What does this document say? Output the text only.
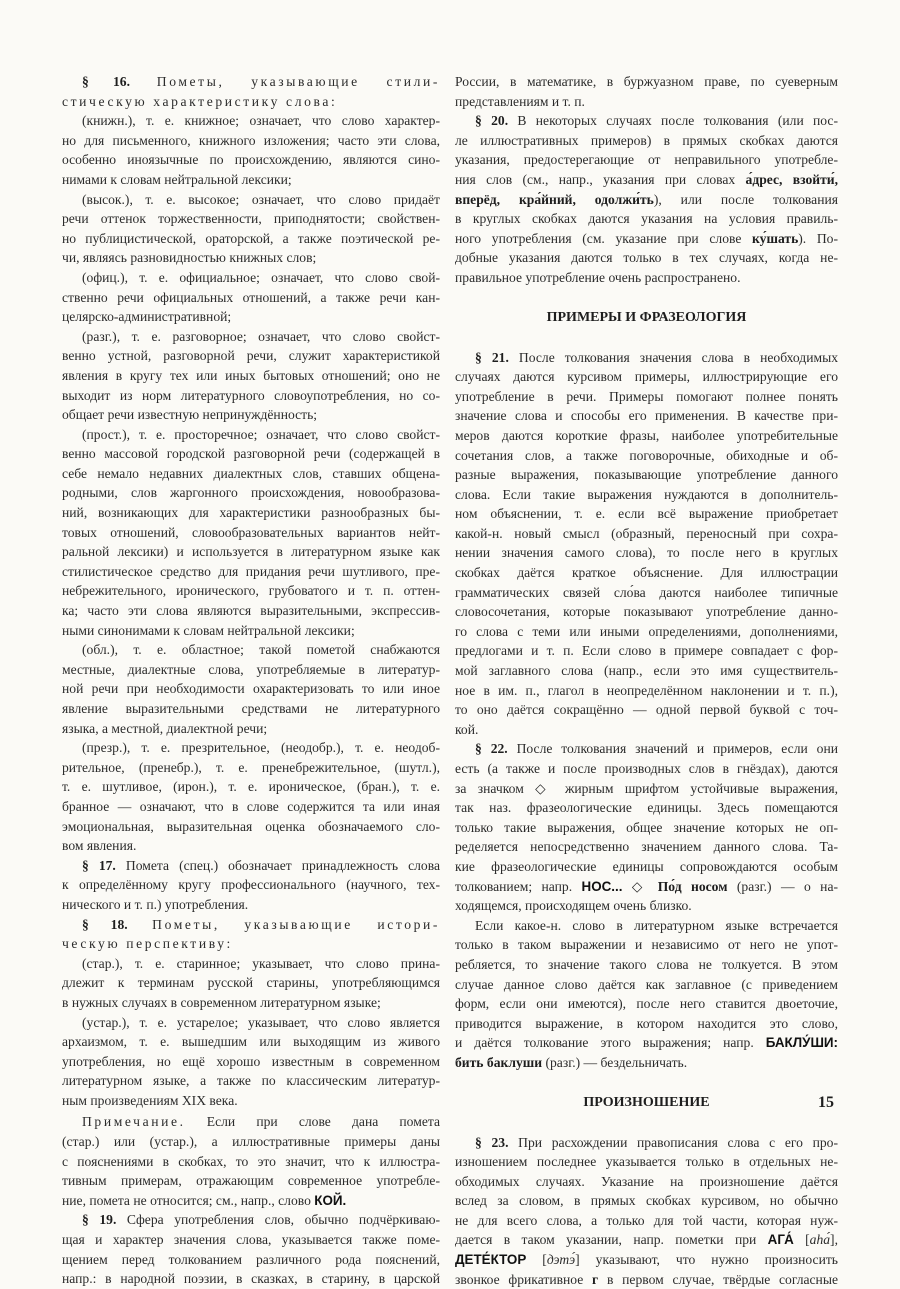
§ 16. Пометы, указывающие стили-
стическую характеристику слова:
(книжн.), т. е. книжное; означает, что слово характер-
но для письменного, книжного изложения; часто эти слова,
особенно иноязычные по происхождению, являются сино-
нимами к словам нейтральной лексики;
(высок.), т. е. высокое; означает, что слово придаёт
речи оттенок торжественности, приподнятости; свойствен-
но публицистической, ораторской, а также поэтической ре-
чи, являясь разновидностью книжных слов;
(офиц.), т. е. официальное; означает, что слово свой-
ственно речи официальных отношений, а также речи кан-
целярско-административной;
(разг.), т. е. разговорное; означает, что слово свойст-
венно устной, разговорной речи, служит характеристикой
явления в кругу тех или иных бытовых отношений; оно не
выходит из норм литературного словоупотребления, но со-
общает речи известную непринуждённость;
(прост.), т. е. просторечное; означает, что слово свойст-
венно массовой городской разговорной речи (содержащей в
себе немало недавних диалектных слов, ставших общена-
родными, слов жаргонного происхождения, новообразова-
ний, возникающих для характеристики разнообразных бы-
товых отношений, словообразовательных вариантов нейт-
ральной лексики) и используется в литературном языке как
стилистическое средство для придания речи шутливого, пре-
небрежительного, иронического, грубоватого и т. п. оттен-
ка; часто эти слова являются выразительными, экспрессив-
ными синонимами к словам нейтральной лексики;
(обл.), т. е. областное; такой пометой снабжаются
местные, диалектные слова, употребляемые в литератур-
ной речи при необходимости охарактеризовать то или иное
явление выразительными средствами не литературного
языка, а местной, диалектной речи;
(презр.), т. е. презрительное, (неодобр.), т. е. неодоб-
рительное, (пренебр.), т. е. пренебрежительное, (шутл.),
т. е. шутливое, (ирон.), т. е. ироническое, (бран.), т. е.
бранное — означают, что в слове содержится та или иная
эмоциональная, выразительная оценка обозначаемого сло-
вом явления.
§ 17. Помета (спец.) обозначает принадлежность слова
к определённому кругу профессионального (научного, тех-
нического и т. п.) употребления.
§ 18. Пометы, указывающие истори-
ческую перспективу:
(стар.), т. е. старинное; указывает, что слово прина-
длежит к терминам русской старины, употребляющимся
в нужных случаях в современном литературном языке;
(устар.), т. е. устарелое; указывает, что слово является
архаизмом, т. е. вышедшим или выходящим из живого
употребления, но ещё хорошо известным в современном
литературном языке, а также по классическим литератур-
ным произведениям XIX века.
Примечание. Если при слове дана помета
(стар.) или (устар.), а иллюстративные примеры даны
с пояснениями в скобках, то это значит, что к иллюстра-
тивным примерам, отражающим современное употребле-
ние, помета не относится; см., напр., слово КОЙ.
§ 19. Сфера употребления слов, обычно подчёркиваю-
щая и характер значения слова, указывается также поме-
щением перед толкованием различного рода пояснений,
напр.: в народной поэзии, в сказках, в старину, в царской
России, в математике, в буржуазном праве, по суеверным
представлениям и т. п.
§ 20. В некоторых случаях после толкования (или пос-
ле иллюстративных примеров) в прямых скобках даются
указания, предостерегающие от неправильного употребле-
ния слов (см., напр., указания при словах а́дрес, взойти́,
вперёд, кра́йний, одолжи́ть), или после толкования
в круглых скобках даются указания на условия правиль-
ного употребления (см. указание при слове ку́шать). По-
добные указания даются только в тех случаях, когда не-
правильное употребление очень распространено.
ПРИМЕРЫ И ФРАЗЕОЛОГИЯ
§ 21. После толкования значения слова в необходимых
случаях даются курсивом примеры, иллюстрирующие его
употребление в речи. Примеры помогают полнее понять
значение слова и способы его применения. В качестве при-
меров даются короткие фразы, наиболее употребительные
сочетания слов, а также поговорочные, обиходные и об-
разные выражения, показывающие употребление данного
слова. Если такие выражения нуждаются в дополнитель-
ном объяснении, т. е. если всё выражение приобретает
какой-н. новый смысл (образный, переносный при сохра-
нении значения самого слова), то после него в круглых
скобках даётся краткое объяснение. Для иллюстрации
грамматических связей сло́ва даются наиболее типичные
словосочетания, которые показывают употребление данно-
го слова с теми или иными определениями, дополнениями,
предлогами и т. п. Если слово в примере совпадает с фор-
мой заглавного слова (напр., если это имя существитель-
ное в им. п., глагол в неопределённом наклонении и т. п.),
то оно даётся сокращённо — одной первой буквой с точ-
кой.
§ 22. После толкования значений и примеров, если они
есть (а также и после производных слов в гнёздах), даются
за значком ◇ жирным шрифтом устойчивые выражения,
так наз. фразеологические единицы. Здесь помещаются
только такие выражения, общее значение которых не оп-
ределяется непосредственно значением данного слова. Та-
кие фразеологические единицы сопровождаются особым
толкованием; напр. НОС... ◇ По́д носом (разг.) — о на-
ходящемся, происходящем очень близко.
Если какое-н. слово в литературном языке встречается
только в таком выражении и независимо от него не упот-
ребляется, то значение такого слова не толкуется. В этом
случае данное слово даётся как заглавное (с приведением
форм, если они имеются), после него ставится двоеточие,
приводится выражение, в котором находится это слово,
и даётся толкование этого выражения; напр. БАКЛУ́ШИ:
бить баклуши (разг.) — бездельничать.
ПРОИЗНОШЕНИЕ
§ 23. При расхождении правописания слова с его про-
изношением последнее указывается только в отдельных не-
обходимых случаях. Указание на произношение даётся
вслед за словом, в прямых скобках курсивом, но обычно
не для всего слова, а только для той части, которая нуж-
дается в таком указании, напр. пометки при АГА́ [аһа́],
ДЕТЕ́КТОР [дэтэ́] указывают, что нужно произносить
звонкое фрикативное г в первом случае, твёрдые согласные
15
